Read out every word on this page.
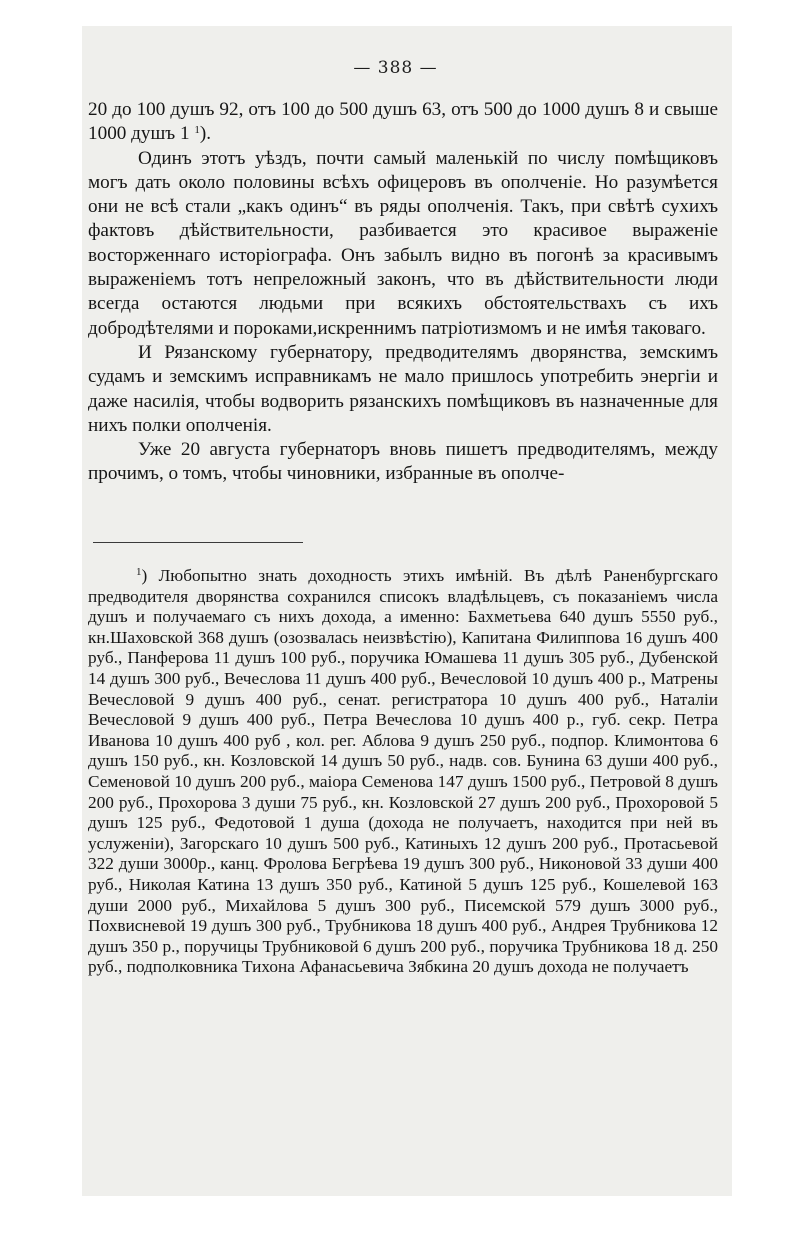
— 388 —

20 до 100 душъ 92, отъ 100 до 500 душъ 63, отъ 500 до 1000 душъ 8 и свыше 1000 душъ 1 $^1$).

Одинъ этотъ уѣздъ, почти самый маленькій по числу помѣщиковъ могъ дать около половины всѣхъ офицеровъ въ ополченіе. Но разумѣется они не всѣ стали „какъ одинъ“ въ ряды ополченія. Такъ, при свѣтѣ сухихъ фактовъ дѣйствительности, разбивается это красивое выраженіе восторженнаго исторіографа. Онъ забылъ видно въ погонѣ за красивымъ выраженіемъ тотъ непреложный законъ, что въ дѣйствительности люди всегда остаются людьми при всякихъ обстоятельствахъ съ ихъ добродѣтелями и пороками,искреннимъ патріотизмомъ и не имѣя таковаго.

И Рязанскому губернатору, предводителямъ дворянства, земскимъ судамъ и земскимъ исправникамъ не мало пришлось употребить энергіи и даже насилія, чтобы водворить рязанскихъ помѣщиковъ въ назначенные для нихъ полки ополченія.

Уже 20 августа губернаторъ вновь пишетъ предводителямъ, между прочимъ, о томъ, чтобы чиновники, избранные въ ополче-

$^1$) Любопытно знать доходность этихъ имѣній. Въ дѣлѣ Раненбургскаго предводителя дворянства сохранился списокъ владѣльцевъ, съ показаніемъ числа душъ и получаемаго съ нихъ дохода, а именно: Бахметьева 640 душъ 5550 руб., кн.Шаховской 368 душъ (озозвалась неизвѣстію), Капитана Филиппова 16 душъ 400 руб., Панферова 11 душъ 100 руб., поручика Юмашева 11 душъ 305 руб., Дубенской 14 душъ 300 руб., Вечеслова 11 душъ 400 руб., Вечесловой 10 душъ 400 р., Матрены Вечесловой 9 душъ 400 руб., сенат. регистратора 10 душъ 400 руб., Наталіи Вечесловой 9 душъ 400 руб., Петра Вечеслова 10 душъ 400 р., губ. секр. Петра Иванова 10 душъ 400 руб , кол. рег. Аблова 9 душъ 250 руб., подпор. Климонтова 6 душъ 150 руб., кн. Козловской 14 душъ 50 руб., надв. сов. Бунина 63 души 400 руб., Семеновой 10 душъ 200 руб., маіора Семенова 147 душъ 1500 руб., Петровой 8 душъ 200 руб., Прохорова 3 души 75 руб., кн. Козловской 27 душъ 200 руб., Прохоровой 5 душъ 125 руб., Федотовой 1 душа (дохода не получаетъ, находится при ней въ услуженіи), Загорскаго 10 душъ 500 руб., Катиныхъ 12 душъ 200 руб., Протасьевой 322 души 3000р., канц. Фролова Бегрѣева 19 душъ 300 руб., Никоновой 33 души 400 руб., Николая Катина 13 душъ 350 руб., Катиной 5 душъ 125 руб., Кошелевой 163 души 2000 руб., Михайлова 5 душъ 300 руб., Писемской 579 душъ 3000 руб., Похвисневой 19 душъ 300 руб., Трубникова 18 душъ 400 руб., Андрея Трубникова 12 душъ 350 р., поручицы Трубниковой 6 душъ 200 руб., поручика Трубникова 18 д. 250 руб., подполковника Тихона Афанасьевича Зябкина 20 душъ дохода не получаетъ
